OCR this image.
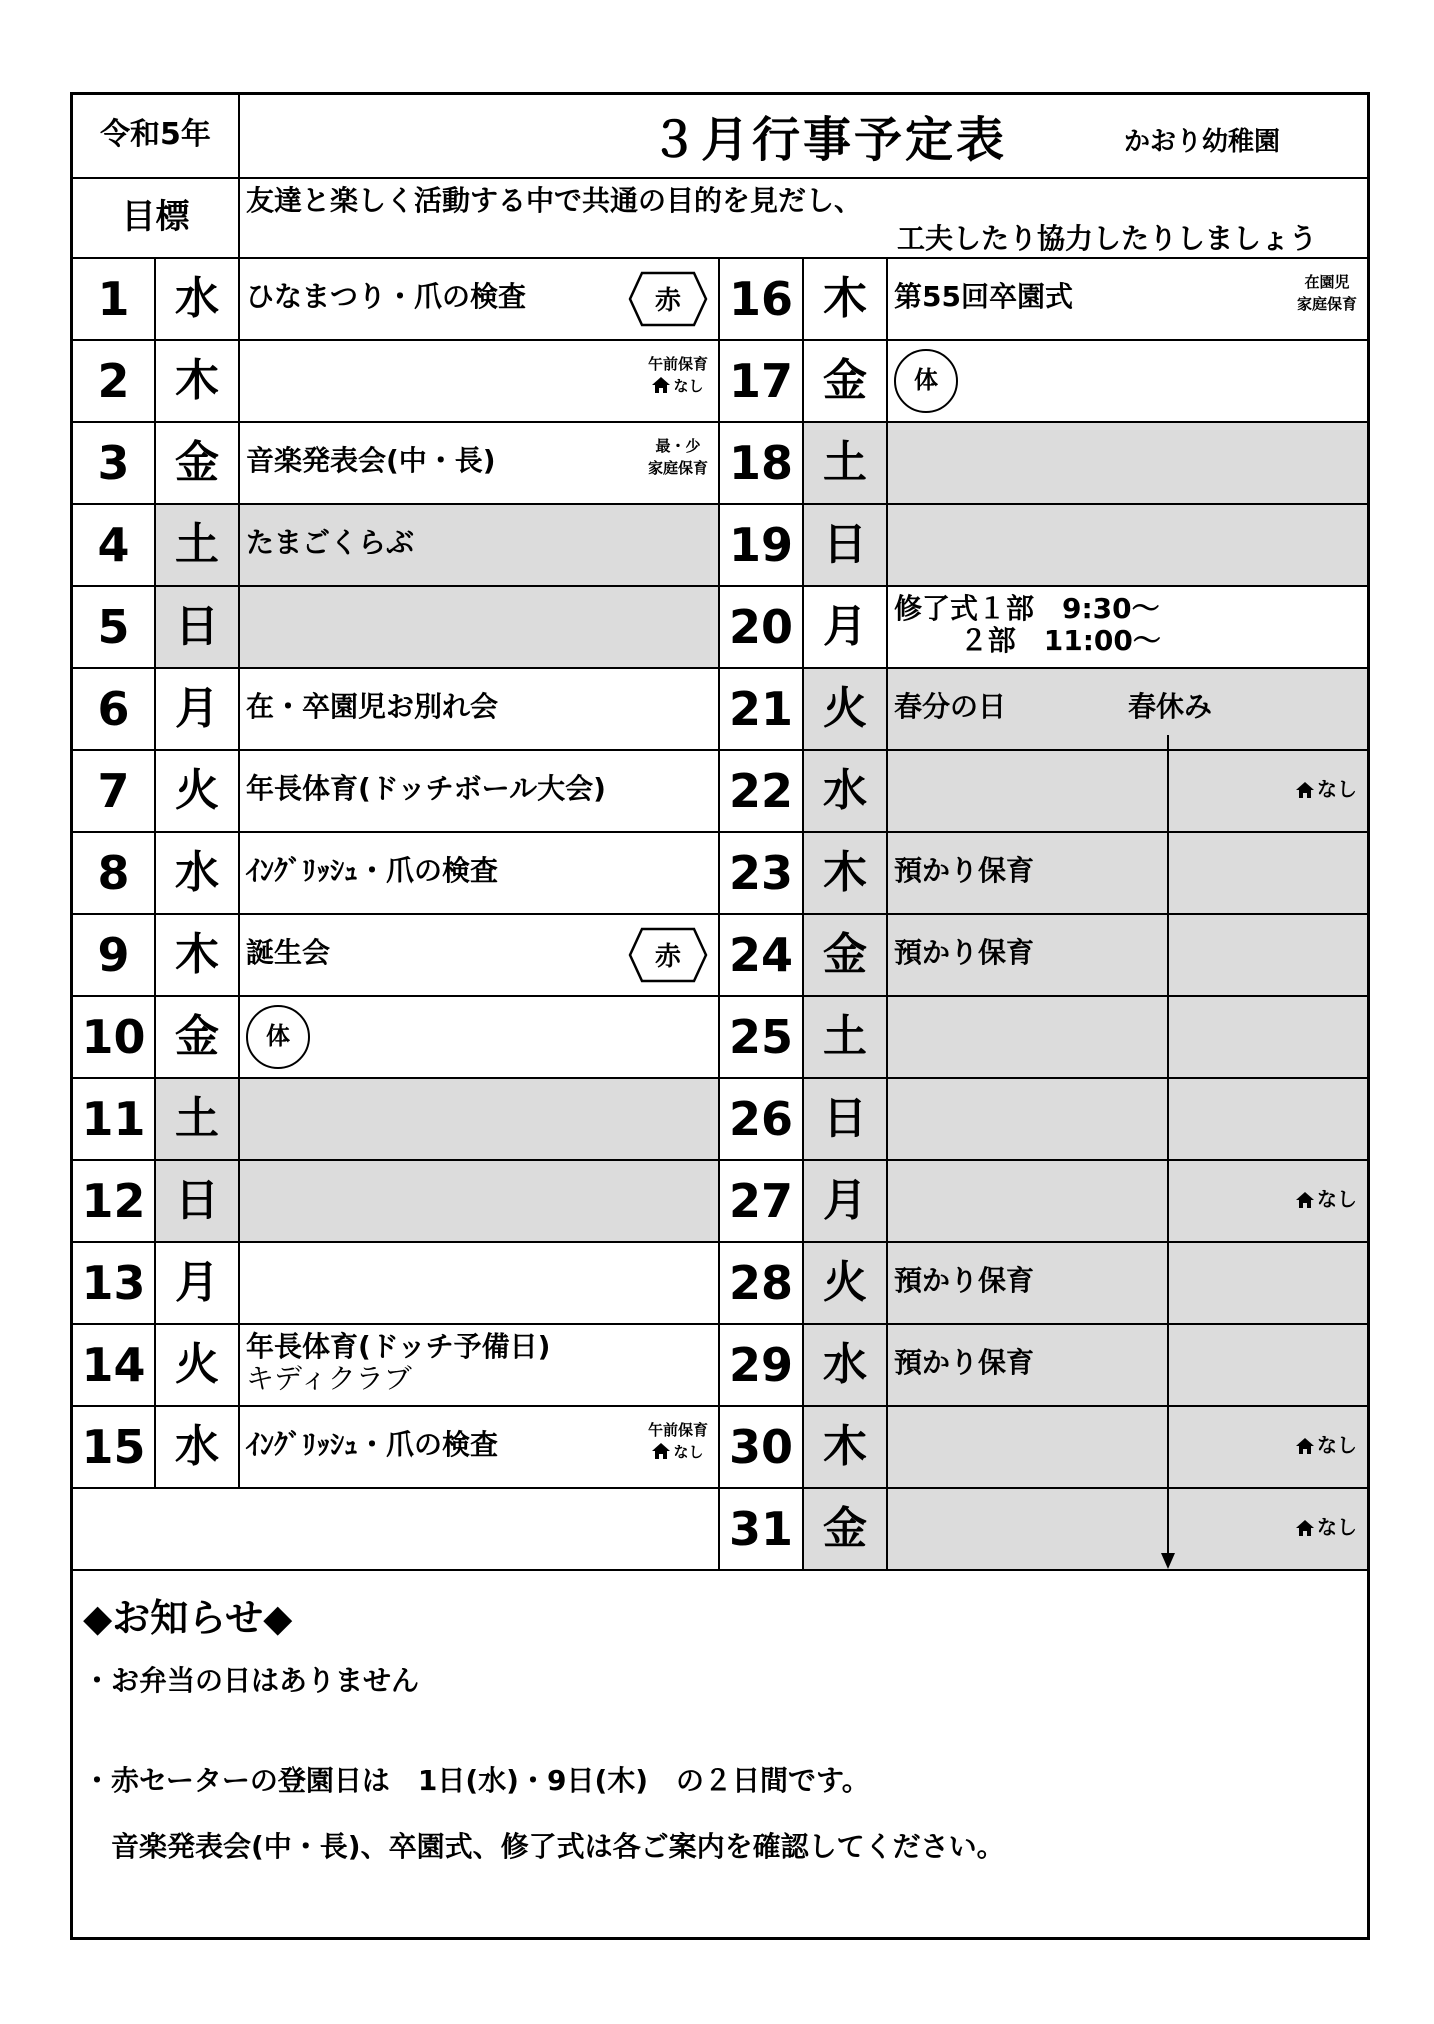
令和5年	３月行事予定表	かおり幼稚園
目標	友達と楽しく活動する中で共通の目的を見だし、
工夫したり協力したりしましょう
1	水 ひなまつり・爪の検査	赤
2	木	午前保育
なし
3	金 音楽発表会(中・長)	最・少
家庭保育
4	土 たまごくらぶ
5	日
6	月 在・卒園児お別れ会
7	火 年長体育(ドッチボール大会)
8	水 ｲﾝｸﾞﾘｯｼｭ・爪の検査
9	木 誕生会	赤
10 金	体
11 土
12 日
13 月
14 火 年長体育(ドッチ予備日)
キディクラブ
15 水 ｲﾝｸﾞﾘｯｼｭ・爪の検査	午前保育
なし
16 木 第55回卒園式	在園児
家庭保育
17 金	体
18 土
19 日
20 月 修了式１部　9:30～
　　 ２部　11:00～
21 火 春分の日	春休み
22 水	なし
23 木 預かり保育
24 金 預かり保育
25 土
26 日
27 月	なし
28 火 預かり保育
29 水 預かり保育
30 木	なし
31 金	なし
◆お知らせ◆
・お弁当の日はありません
・赤セーターの登園日は　1日(水)・9日(木)　の２日間です。
　音楽発表会(中・長)、卒園式、修了式は各ご案内を確認してください。
